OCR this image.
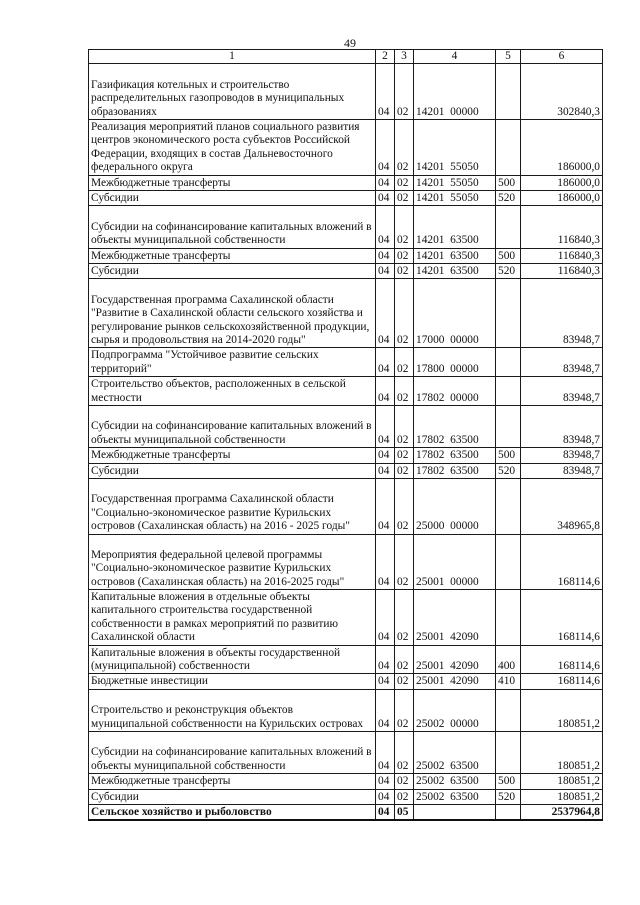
49
1	2	3	4	5	6
Газификация котельных и строительство распределительных газопроводов в муниципальных образованиях	04	02	14201  00000		302840,3
Реализация мероприятий планов социального развития центров экономического роста субъектов Российской Федерации, входящих в состав Дальневосточного федерального округа	04	02	14201  55050		186000,0
Межбюджетные трансферты	04	02	14201  55050	500	186000,0
Субсидии	04	02	14201  55050	520	186000,0
Субсидии на софинансирование капитальных вложений в объекты муниципальной собственности	04	02	14201  63500		116840,3
Межбюджетные трансферты	04	02	14201  63500	500	116840,3
Субсидии	04	02	14201  63500	520	116840,3
Государственная программа Сахалинской области "Развитие в Сахалинской области сельского хозяйства и регулирование рынков сельскохозяйственной продукции, сырья и продовольствия на 2014-2020 годы"	04	02	17000  00000		83948,7
Подпрограмма "Устойчивое развитие сельских территорий"	04	02	17800  00000		83948,7
Строительство объектов, расположенных в сельской местности	04	02	17802  00000		83948,7
Субсидии на софинансирование капитальных вложений в объекты муниципальной собственности	04	02	17802  63500		83948,7
Межбюджетные трансферты	04	02	17802  63500	500	83948,7
Субсидии	04	02	17802  63500	520	83948,7
Государственная программа Сахалинской области "Социально-экономическое развитие Курильских островов (Сахалинская область) на 2016 - 2025 годы"	04	02	25000  00000		348965,8
Мероприятия федеральной целевой программы "Социально-экономическое развитие Курильских островов (Сахалинская область) на 2016-2025 годы"	04	02	25001  00000		168114,6
Капитальные вложения в отдельные объекты капитального строительства государственной собственности в рамках мероприятий по развитию Сахалинской области	04	02	25001  42090		168114,6
Капитальные вложения в объекты государственной (муниципальной) собственности	04	02	25001  42090	400	168114,6
Бюджетные инвестиции	04	02	25001  42090	410	168114,6
Строительство и реконструкция объектов муниципальной собственности на Курильских островах	04	02	25002  00000		180851,2
Субсидии на софинансирование капитальных вложений в объекты муниципальной собственности	04	02	25002  63500		180851,2
Межбюджетные трансферты	04	02	25002  63500	500	180851,2
Субсидии	04	02	25002  63500	520	180851,2
Сельское хозяйство и рыболовство	04	05			2537964,8
